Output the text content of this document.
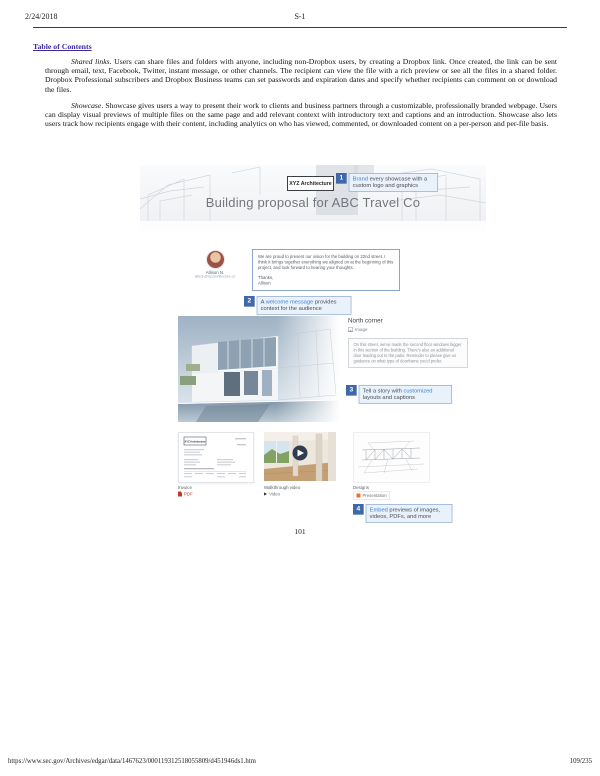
2/24/2018	S-1
Table of Contents

Shared links. Users can share files and folders with anyone, including non-Dropbox users, by creating a Dropbox link. Once created, the link can be sent through email, text, Facebook, Twitter, instant message, or other channels. The recipient can view the file with a rich preview or see all the files in a shared folder. Dropbox Professional subscribers and Dropbox Business teams can set passwords and expiration dates and specify whether recipients can comment on or download the files.

Showcase. Showcase gives users a way to present their work to clients and business partners through a customizable, professionally branded webpage. Users can display visual previews of multiple files on the same page and add relevant context with introductory text and captions and an introduction. Showcase also lets users track how recipients engage with their content, including analytics on who has viewed, commented, or downloaded content on a per-person and per-file basis.

Building proposal for ABC Travel Co
XYZ Architecture
1	Brand every showcase with a custom logo and graphics
Allison N.
allison@xyzarchitecture.co
We are proud to present our vision for the building on 22nd street. I think it brings together everything we aligned on at the beginning of this project, and look forward to hearing your thoughts.
Thanks,
Allison
2	A welcome message provides context for the audience
North corner
Image
On this street, we've made the second floor windows bigger in this section of the building. There's also an additional door leading out to the patio. Reminder to please give us guidance on what type of doorframe you'd prefer.
3	Tell a story with customized layouts and captions
XYZ Architecture
Invoice
PDF
Walkthrough video
▶ Video
Designs
Presentation
4	Embed previews of images, videos, PDFs, and more
101
https://www.sec.gov/Archives/edgar/data/1467623/000119312518055809/d451946ds1.htm	109/235
